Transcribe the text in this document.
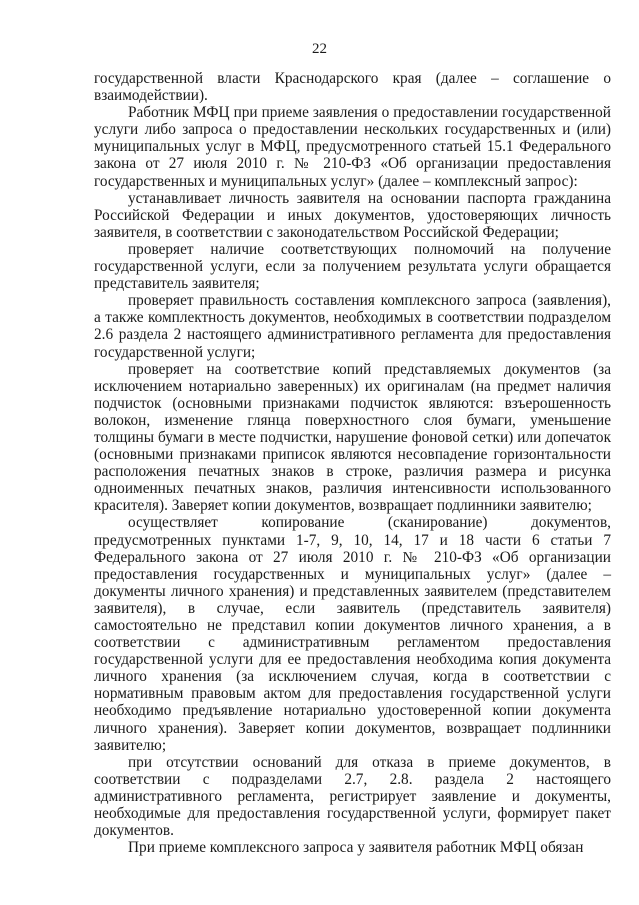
22

государственной власти Краснодарского края (далее – соглашение о взаимодействии).

Работник МФЦ при приеме заявления о предоставлении государственной услуги либо запроса о предоставлении нескольких государственных и (или) муниципальных услуг в МФЦ, предусмотренного статьей 15.1 Федерального закона от 27 июля 2010 г. № 210-ФЗ «Об организации предоставления государственных и муниципальных услуг» (далее – комплексный запрос):

устанавливает личность заявителя на основании паспорта гражданина Российской Федерации и иных документов, удостоверяющих личность заявителя, в соответствии с законодательством Российской Федерации;

проверяет наличие соответствующих полномочий на получение государственной услуги, если за получением результата услуги обращается представитель заявителя;

проверяет правильность составления комплексного запроса (заявления), а также комплектность документов, необходимых в соответствии подразделом 2.6 раздела 2 настоящего административного регламента для предоставления государственной услуги;

проверяет на соответствие копий представляемых документов (за исключением нотариально заверенных) их оригиналам (на предмет наличия подчисток (основными признаками подчисток являются: взъерошенность волокон, изменение глянца поверхностного слоя бумаги, уменьшение толщины бумаги в месте подчистки, нарушение фоновой сетки) или допечаток (основными признаками приписок являются несовпадение горизонтальности расположения печатных знаков в строке, различия размера и рисунка одноименных печатных знаков, различия интенсивности использованного красителя). Заверяет копии документов, возвращает подлинники заявителю;

осуществляет копирование (сканирование) документов, предусмотренных пунктами 1-7, 9, 10, 14, 17 и 18 части 6 статьи 7 Федерального закона от 27 июля 2010 г. № 210-ФЗ «Об организации предоставления государственных и муниципальных услуг» (далее – документы личного хранения) и представленных заявителем (представителем заявителя), в случае, если заявитель (представитель заявителя) самостоятельно не представил копии документов личного хранения, а в соответствии с административным регламентом предоставления государственной услуги для ее предоставления необходима копия документа личного хранения (за исключением случая, когда в соответствии с нормативным правовым актом для предоставления государственной услуги необходимо предъявление нотариально удостоверенной копии документа личного хранения). Заверяет копии документов, возвращает подлинники заявителю;

при отсутствии оснований для отказа в приеме документов, в соответствии с подразделами 2.7, 2.8. раздела 2 настоящего административного регламента, регистрирует заявление и документы, необходимые для предоставления государственной услуги, формирует пакет документов.

При приеме комплексного запроса у заявителя работник МФЦ обязан
